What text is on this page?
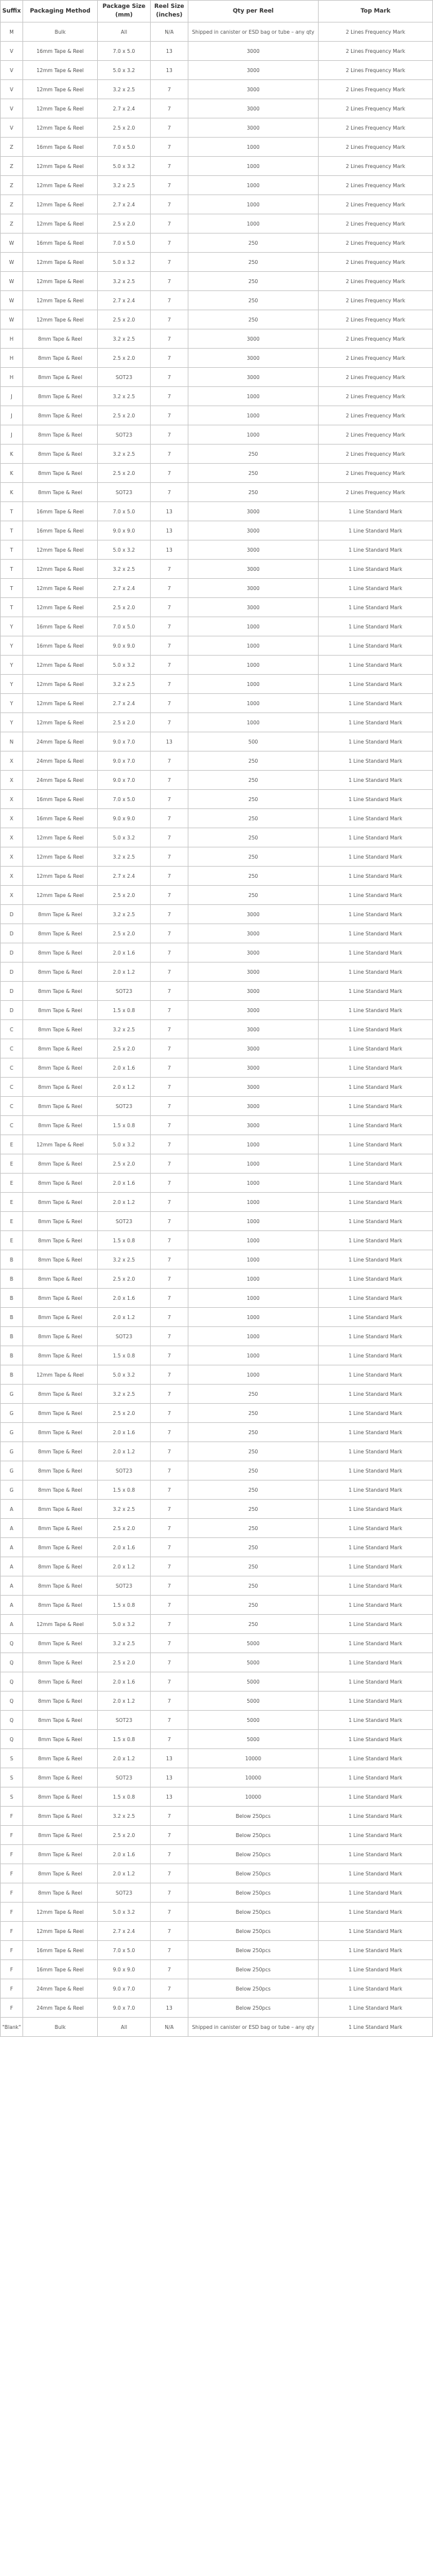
Suffix	Packaging Method	Package Size (mm)	Reel Size (inches)	Qty per Reel	Top Mark
M	Bulk	All	N/A	Shipped in canister or ESD bag or tube – any qty	2 Lines Frequency Mark
V	16mm Tape & Reel	7.0 x 5.0	13	3000	2 Lines Frequency Mark
V	12mm Tape & Reel	5.0 x 3.2	13	3000	2 Lines Frequency Mark
V	12mm Tape & Reel	3.2 x 2.5	7	3000	2 Lines Frequency Mark
V	12mm Tape & Reel	2.7 x 2.4	7	3000	2 Lines Frequency Mark
V	12mm Tape & Reel	2.5 x 2.0	7	3000	2 Lines Frequency Mark
Z	16mm Tape & Reel	7.0 x 5.0	7	1000	2 Lines Frequency Mark
Z	12mm Tape & Reel	5.0 x 3.2	7	1000	2 Lines Frequency Mark
Z	12mm Tape & Reel	3.2 x 2.5	7	1000	2 Lines Frequency Mark
Z	12mm Tape & Reel	2.7 x 2.4	7	1000	2 Lines Frequency Mark
Z	12mm Tape & Reel	2.5 x 2.0	7	1000	2 Lines Frequency Mark
W	16mm Tape & Reel	7.0 x 5.0	7	250	2 Lines Frequency Mark
W	12mm Tape & Reel	5.0 x 3.2	7	250	2 Lines Frequency Mark
W	12mm Tape & Reel	3.2 x 2.5	7	250	2 Lines Frequency Mark
W	12mm Tape & Reel	2.7 x 2.4	7	250	2 Lines Frequency Mark
W	12mm Tape & Reel	2.5 x 2.0	7	250	2 Lines Frequency Mark
H	8mm Tape & Reel	3.2 x 2.5	7	3000	2 Lines Frequency Mark
H	8mm Tape & Reel	2.5 x 2.0	7	3000	2 Lines Frequency Mark
H	8mm Tape & Reel	SOT23	7	3000	2 Lines Frequency Mark
J	8mm Tape & Reel	3.2 x 2.5	7	1000	2 Lines Frequency Mark
J	8mm Tape & Reel	2.5 x 2.0	7	1000	2 Lines Frequency Mark
J	8mm Tape & Reel	SOT23	7	1000	2 Lines Frequency Mark
K	8mm Tape & Reel	3.2 x 2.5	7	250	2 Lines Frequency Mark
K	8mm Tape & Reel	2.5 x 2.0	7	250	2 Lines Frequency Mark
K	8mm Tape & Reel	SOT23	7	250	2 Lines Frequency Mark
T	16mm Tape & Reel	7.0 x 5.0	13	3000	1 Line Standard Mark
T	16mm Tape & Reel	9.0 x 9.0	13	3000	1 Line Standard Mark
T	12mm Tape & Reel	5.0 x 3.2	13	3000	1 Line Standard Mark
T	12mm Tape & Reel	3.2 x 2.5	7	3000	1 Line Standard Mark
T	12mm Tape & Reel	2.7 x 2.4	7	3000	1 Line Standard Mark
T	12mm Tape & Reel	2.5 x 2.0	7	3000	1 Line Standard Mark
Y	16mm Tape & Reel	7.0 x 5.0	7	1000	1 Line Standard Mark
Y	16mm Tape & Reel	9.0 x 9.0	7	1000	1 Line Standard Mark
Y	12mm Tape & Reel	5.0 x 3.2	7	1000	1 Line Standard Mark
Y	12mm Tape & Reel	3.2 x 2.5	7	1000	1 Line Standard Mark
Y	12mm Tape & Reel	2.7 x 2.4	7	1000	1 Line Standard Mark
Y	12mm Tape & Reel	2.5 x 2.0	7	1000	1 Line Standard Mark
N	24mm Tape & Reel	9.0 x 7.0	13	500	1 Line Standard Mark
X	24mm Tape & Reel	9.0 x 7.0	7	250	1 Line Standard Mark
X	24mm Tape & Reel	9.0 x 7.0	7	250	1 Line Standard Mark
X	16mm Tape & Reel	7.0 x 5.0	7	250	1 Line Standard Mark
X	16mm Tape & Reel	9.0 x 9.0	7	250	1 Line Standard Mark
X	12mm Tape & Reel	5.0 x 3.2	7	250	1 Line Standard Mark
X	12mm Tape & Reel	3.2 x 2.5	7	250	1 Line Standard Mark
X	12mm Tape & Reel	2.7 x 2.4	7	250	1 Line Standard Mark
X	12mm Tape & Reel	2.5 x 2.0	7	250	1 Line Standard Mark
D	8mm Tape & Reel	3.2 x 2.5	7	3000	1 Line Standard Mark
D	8mm Tape & Reel	2.5 x 2.0	7	3000	1 Line Standard Mark
D	8mm Tape & Reel	2.0 x 1.6	7	3000	1 Line Standard Mark
D	8mm Tape & Reel	2.0 x 1.2	7	3000	1 Line Standard Mark
D	8mm Tape & Reel	SOT23	7	3000	1 Line Standard Mark
D	8mm Tape & Reel	1.5 x 0.8	7	3000	1 Line Standard Mark
C	8mm Tape & Reel	3.2 x 2.5	7	3000	1 Line Standard Mark
C	8mm Tape & Reel	2.5 x 2.0	7	3000	1 Line Standard Mark
C	8mm Tape & Reel	2.0 x 1.6	7	3000	1 Line Standard Mark
C	8mm Tape & Reel	2.0 x 1.2	7	3000	1 Line Standard Mark
C	8mm Tape & Reel	SOT23	7	3000	1 Line Standard Mark
C	8mm Tape & Reel	1.5 x 0.8	7	3000	1 Line Standard Mark
E	12mm Tape & Reel	5.0 x 3.2	7	1000	1 Line Standard Mark
E	8mm Tape & Reel	2.5 x 2.0	7	1000	1 Line Standard Mark
E	8mm Tape & Reel	2.0 x 1.6	7	1000	1 Line Standard Mark
E	8mm Tape & Reel	2.0 x 1.2	7	1000	1 Line Standard Mark
E	8mm Tape & Reel	SOT23	7	1000	1 Line Standard Mark
E	8mm Tape & Reel	1.5 x 0.8	7	1000	1 Line Standard Mark
B	8mm Tape & Reel	3.2 x 2.5	7	1000	1 Line Standard Mark
B	8mm Tape & Reel	2.5 x 2.0	7	1000	1 Line Standard Mark
B	8mm Tape & Reel	2.0 x 1.6	7	1000	1 Line Standard Mark
B	8mm Tape & Reel	2.0 x 1.2	7	1000	1 Line Standard Mark
B	8mm Tape & Reel	SOT23	7	1000	1 Line Standard Mark
B	8mm Tape & Reel	1.5 x 0.8	7	1000	1 Line Standard Mark
B	12mm Tape & Reel	5.0 x 3.2	7	1000	1 Line Standard Mark
G	8mm Tape & Reel	3.2 x 2.5	7	250	1 Line Standard Mark
G	8mm Tape & Reel	2.5 x 2.0	7	250	1 Line Standard Mark
G	8mm Tape & Reel	2.0 x 1.6	7	250	1 Line Standard Mark
G	8mm Tape & Reel	2.0 x 1.2	7	250	1 Line Standard Mark
G	8mm Tape & Reel	SOT23	7	250	1 Line Standard Mark
G	8mm Tape & Reel	1.5 x 0.8	7	250	1 Line Standard Mark
A	8mm Tape & Reel	3.2 x 2.5	7	250	1 Line Standard Mark
A	8mm Tape & Reel	2.5 x 2.0	7	250	1 Line Standard Mark
A	8mm Tape & Reel	2.0 x 1.6	7	250	1 Line Standard Mark
A	8mm Tape & Reel	2.0 x 1.2	7	250	1 Line Standard Mark
A	8mm Tape & Reel	SOT23	7	250	1 Line Standard Mark
A	8mm Tape & Reel	1.5 x 0.8	7	250	1 Line Standard Mark
A	12mm Tape & Reel	5.0 x 3.2	7	250	1 Line Standard Mark
Q	8mm Tape & Reel	3.2 x 2.5	7	5000	1 Line Standard Mark
Q	8mm Tape & Reel	2.5 x 2.0	7	5000	1 Line Standard Mark
Q	8mm Tape & Reel	2.0 x 1.6	7	5000	1 Line Standard Mark
Q	8mm Tape & Reel	2.0 x 1.2	7	5000	1 Line Standard Mark
Q	8mm Tape & Reel	SOT23	7	5000	1 Line Standard Mark
Q	8mm Tape & Reel	1.5 x 0.8	7	5000	1 Line Standard Mark
S	8mm Tape & Reel	2.0 x 1.2	13	10000	1 Line Standard Mark
S	8mm Tape & Reel	SOT23	13	10000	1 Line Standard Mark
S	8mm Tape & Reel	1.5 x 0.8	13	10000	1 Line Standard Mark
F	8mm Tape & Reel	3.2 x 2.5	7	Below 250pcs	1 Line Standard Mark
F	8mm Tape & Reel	2.5 x 2.0	7	Below 250pcs	1 Line Standard Mark
F	8mm Tape & Reel	2.0 x 1.6	7	Below 250pcs	1 Line Standard Mark
F	8mm Tape & Reel	2.0 x 1.2	7	Below 250pcs	1 Line Standard Mark
F	8mm Tape & Reel	SOT23	7	Below 250pcs	1 Line Standard Mark
F	12mm Tape & Reel	5.0 x 3.2	7	Below 250pcs	1 Line Standard Mark
F	12mm Tape & Reel	2.7 x 2.4	7	Below 250pcs	1 Line Standard Mark
F	16mm Tape & Reel	7.0 x 5.0	7	Below 250pcs	1 Line Standard Mark
F	16mm Tape & Reel	9.0 x 9.0	7	Below 250pcs	1 Line Standard Mark
F	24mm Tape & Reel	9.0 x 7.0	7	Below 250pcs	1 Line Standard Mark
F	24mm Tape & Reel	9.0 x 7.0	13	Below 250pcs	1 Line Standard Mark
"Blank"	Bulk	All	N/A	Shipped in canister or ESD bag or tube – any qty	1 Line Standard Mark
